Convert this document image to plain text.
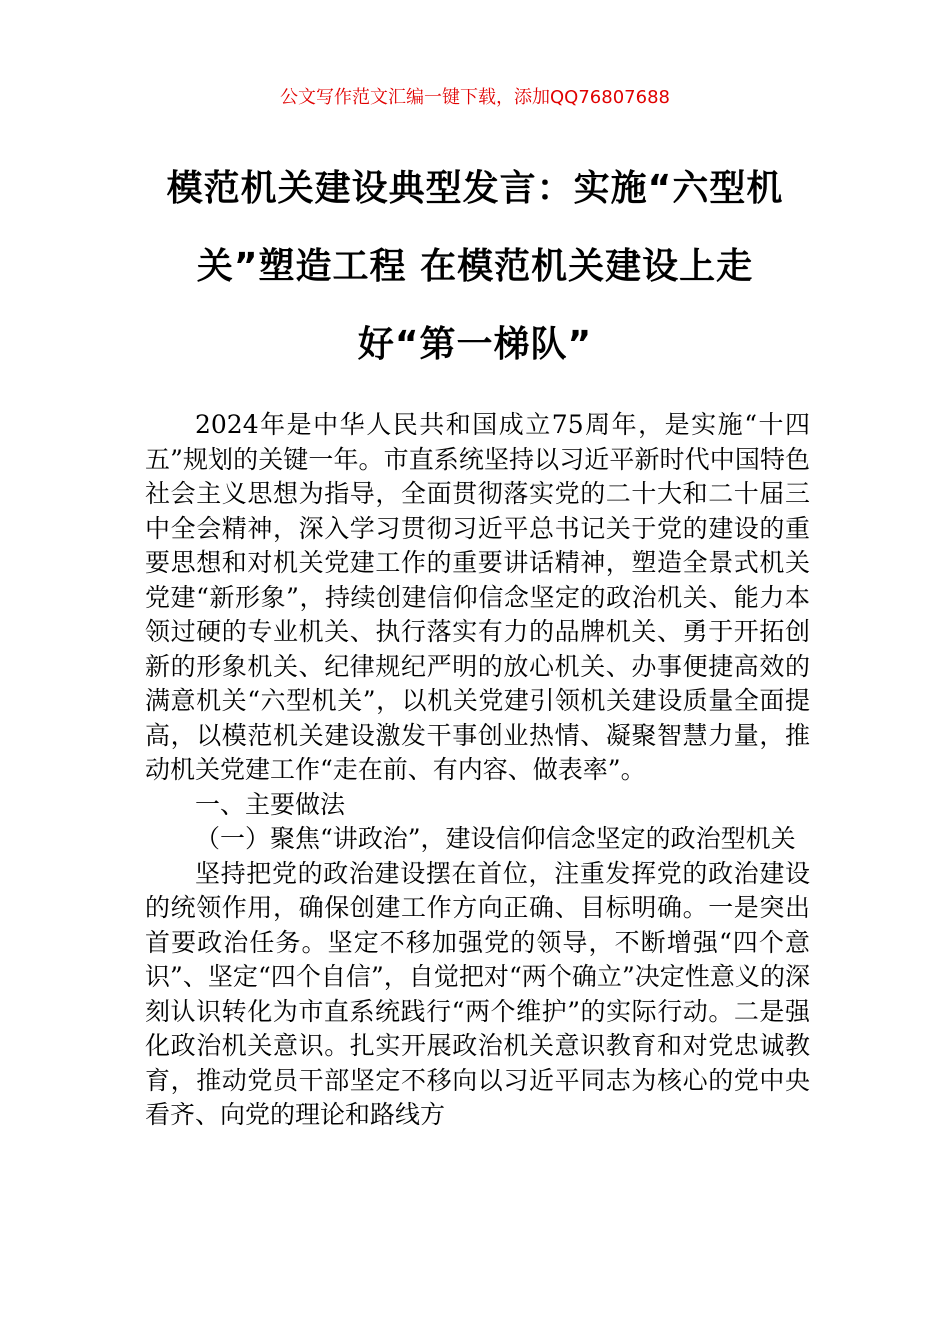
公文写作范文汇编一键下载，添加QQ76807688
模范机关建设典型发言：实施“六型机关”塑造工程 在模范机关建设上走好“第一梯队”

2024年是中华人民共和国成立75周年，是实施“十四五”规划的关键一年。市直系统坚持以习近平新时代中国特色社会主义思想为指导，全面贯彻落实党的二十大和二十届三中全会精神，深入学习贯彻习近平总书记关于党的建设的重要思想和对机关党建工作的重要讲话精神，塑造全景式机关党建“新形象”，持续创建信仰信念坚定的政治机关、能力本领过硬的专业机关、执行落实有力的品牌机关、勇于开拓创新的形象机关、纪律规纪严明的放心机关、办事便捷高效的满意机关“六型机关”，以机关党建引领机关建设质量全面提高，以模范机关建设激发干事创业热情、凝聚智慧力量，推动机关党建工作“走在前、有内容、做表率”。

一、主要做法

（一）聚焦“讲政治”，建设信仰信念坚定的政治型机关

坚持把党的政治建设摆在首位，注重发挥党的政治建设的统领作用，确保创建工作方向正确、目标明确。一是突出首要政治任务。坚定不移加强党的领导，不断增强“四个意识”、坚定“四个自信”，自觉把对“两个确立”决定性意义的深刻认识转化为市直系统践行“两个维护”的实际行动。二是强化政治机关意识。扎实开展政治机关意识教育和对党忠诚教育，推动党员干部坚定不移向以习近平同志为核心的党中央看齐、向党的理论和路线方
